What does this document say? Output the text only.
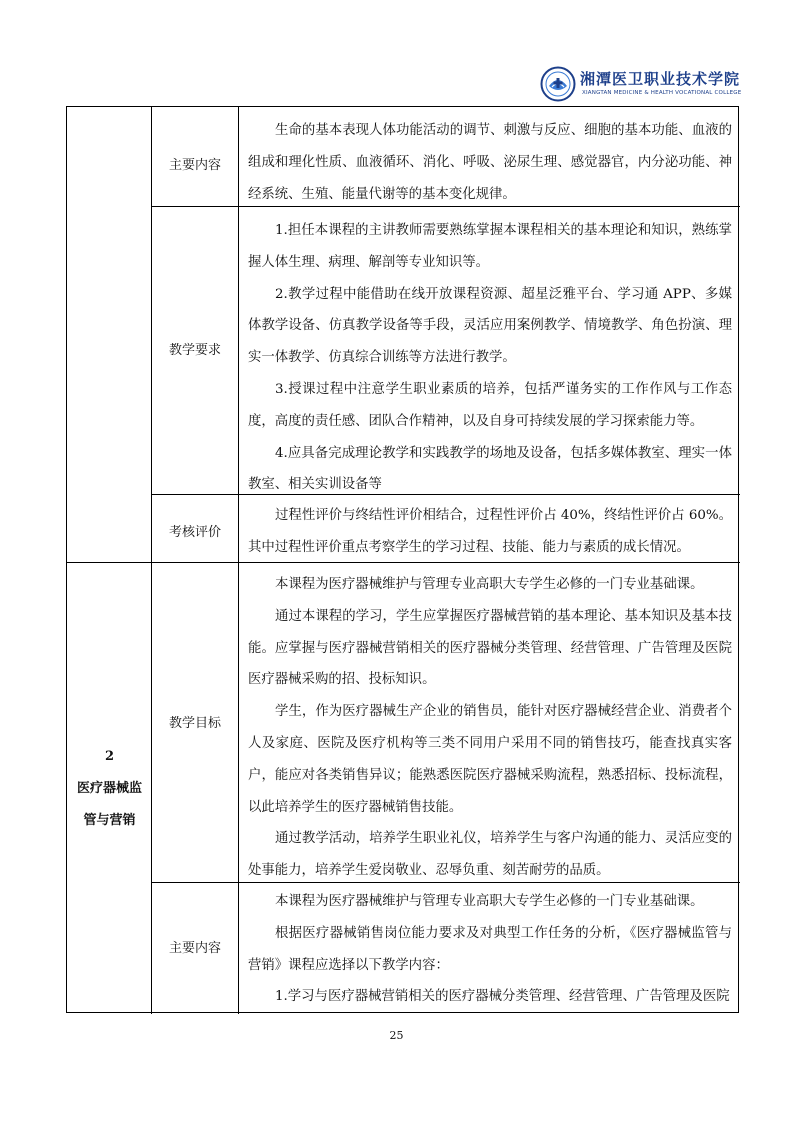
湘潭医卫职业技术学院
XIANGTAN MEDICINE & HEALTH VOCATIONAL COLLEGE
主要内容

生命的基本表现人体功能活动的调节、刺激与反应、细胞的基本功能、血液的组成和理化性质、血液循环、消化、呼吸、泌尿生理、感觉器官，内分泌功能、神经系统、生殖、能量代谢等的基本变化规律。

教学要求

1.担任本课程的主讲教师需要熟练掌握本课程相关的基本理论和知识，熟练掌握人体生理、病理、解剖等专业知识等。

2.教学过程中能借助在线开放课程资源、超星泛雅平台、学习通 APP、多媒体教学设备、仿真教学设备等手段，灵活应用案例教学、情境教学、角色扮演、理实一体教学、仿真综合训练等方法进行教学。

3.授课过程中注意学生职业素质的培养，包括严谨务实的工作作风与工作态度，高度的责任感、团队合作精神，以及自身可持续发展的学习探索能力等。

4.应具备完成理论教学和实践教学的场地及设备，包括多媒体教室、理实一体教室、相关实训设备等

考核评价

过程性评价与终结性评价相结合，过程性评价占 40%，终结性评价占 60%。其中过程性评价重点考察学生的学习过程、技能、能力与素质的成长情况。

2
医疗器械监
管与营销
教学目标

本课程为医疗器械维护与管理专业高职大专学生必修的一门专业基础课。

通过本课程的学习，学生应掌握医疗器械营销的基本理论、基本知识及基本技能。应掌握与医疗器械营销相关的医疗器械分类管理、经营管理、广告管理及医院医疗器械采购的招、投标知识。

学生，作为医疗器械生产企业的销售员，能针对医疗器械经营企业、消费者个人及家庭、医院及医疗机构等三类不同用户采用不同的销售技巧，能查找真实客户，能应对各类销售异议；能熟悉医院医疗器械采购流程，熟悉招标、投标流程，以此培养学生的医疗器械销售技能。

通过教学活动，培养学生职业礼仪，培养学生与客户沟通的能力、灵活应变的处事能力，培养学生爱岗敬业、忍辱负重、刻苦耐劳的品质。

主要内容

本课程为医疗器械维护与管理专业高职大专学生必修的一门专业基础课。

根据医疗器械销售岗位能力要求及对典型工作任务的分析，《医疗器械监管与营销》课程应选择以下教学内容：

1.学习与医疗器械营销相关的医疗器械分类管理、经营管理、广告管理及医院

25
